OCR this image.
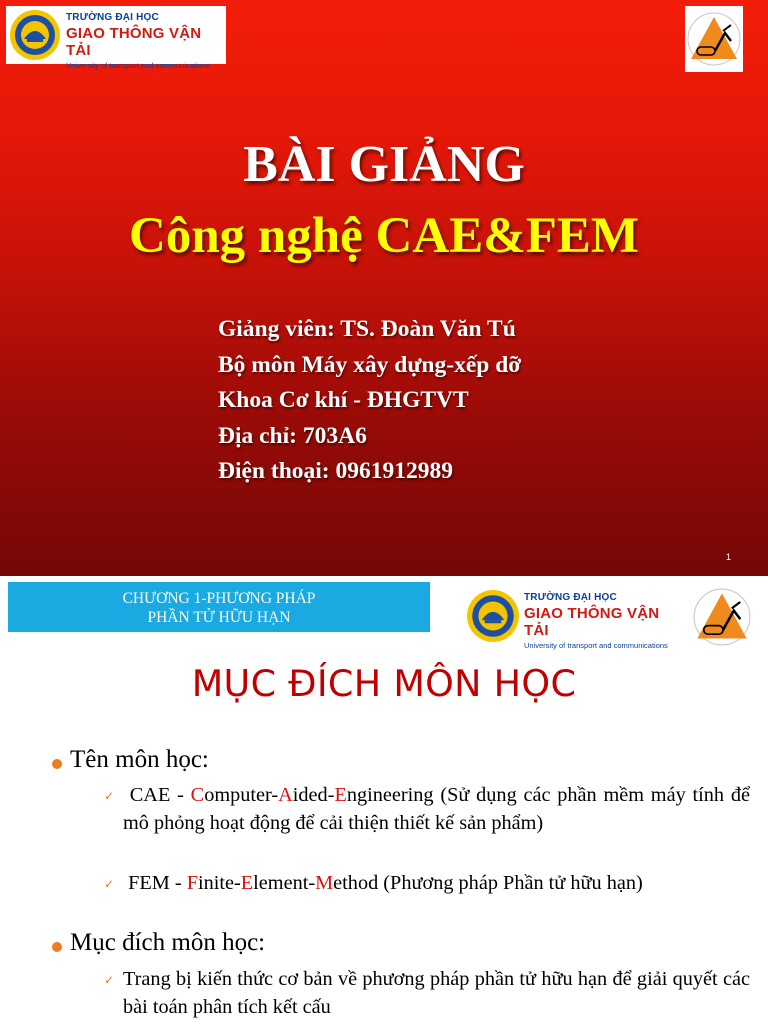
TRƯỜNG ĐẠI HỌC
GIAO THÔNG VẬN TẢI
University of transport and communications
BÀI GIẢNG
Công nghệ CAE&FEM
Giảng viên: TS. Đoàn Văn Tú
Bộ môn Máy xây dựng-xếp dỡ
Khoa Cơ khí - ĐHGTVT
Địa chỉ: 703A6
Điện thoại: 0961912989
1
CHƯƠNG 1-PHƯƠNG PHÁP
PHẦN TỬ HỮU HẠN
TRƯỜNG ĐẠI HỌC
GIAO THÔNG VẬN TẢI
University of transport and communications
MỤC ĐÍCH MÔN HỌC
Tên môn học:
✓ CAE - Computer-Aided-Engineering (Sử dụng các phần mềm máy tính để mô phỏng hoạt động để cải thiện thiết kế sản phẩm)
✓ FEM - Finite-Element-Method (Phương pháp Phần tử hữu hạn)
Mục đích môn học:
✓ Trang bị kiến thức cơ bản về phương pháp phần tử hữu hạn để giải quyết các bài toán phân tích kết cấu
